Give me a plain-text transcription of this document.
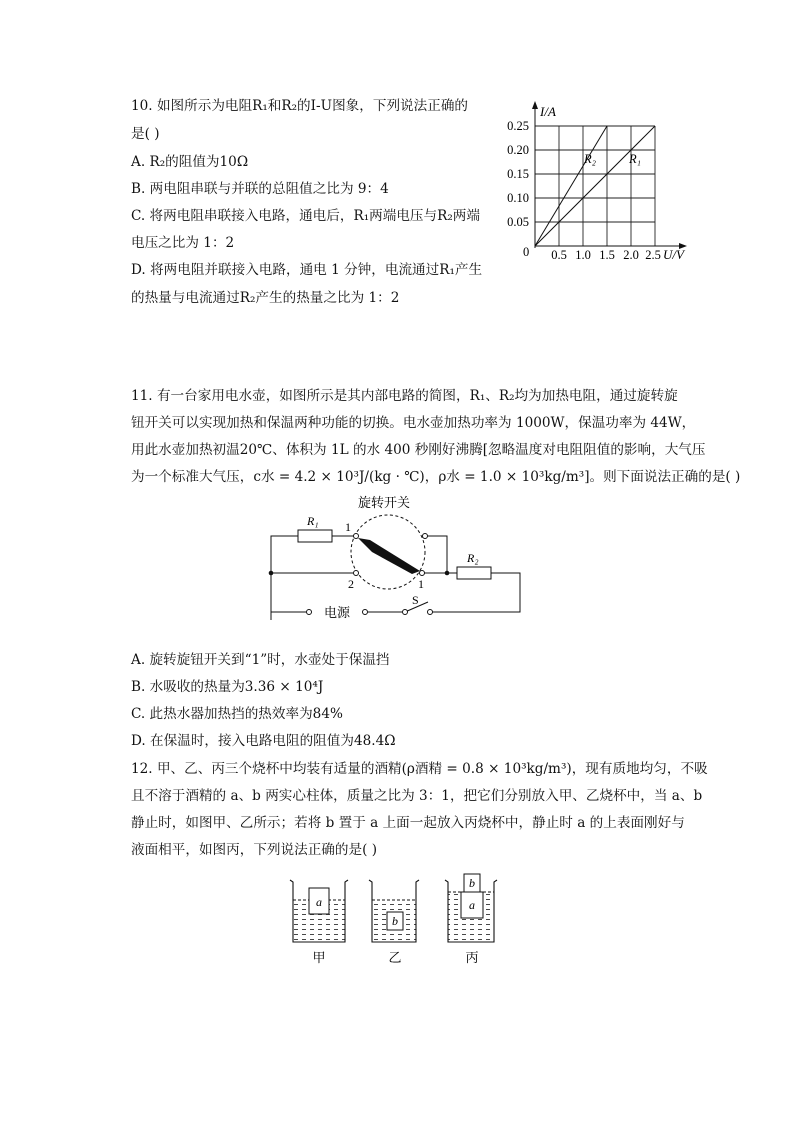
10. 如图所示为电阻R₁和R₂的I-U图象，下列说法正确的
是( )
A. R₂的阻值为10Ω
B. 两电阻串联与并联的总阻值之比为 9：4
C. 将两电阻串联接入电路，通电后，R₁两端电压与R₂两端
电压之比为 1：2
D. 将两电阻并联接入电路，通电 1 分钟，电流通过R₁产生
的热量与电流通过R₂产生的热量之比为 1：2
I/A
U/V
0
0.25
0.20
0.15
0.10
0.05
0.5 1.0 1.5 2.0 2.5
R₂	R₁
11. 有一台家用电水壶，如图所示是其内部电路的简图，R₁、R₂均为加热电阻，通过旋转旋
钮开关可以实现加热和保温两种功能的切换。电水壶加热功率为 1000W，保温功率为 44W，
用此水壶加热初温20℃、体积为 1L 的水 400 秒刚好沸腾[忽略温度对电阻阻值的影响，大气压
为一个标准大气压，c水 = 4.2 × 10³J/(kg · ℃)，ρ水 = 1.0 × 10³kg/m³]。则下面说法正确的是( )
旋转开关
R₁
R₂
1
2	1
电源
S
A. 旋转旋钮开关到“1”时，水壶处于保温挡
B. 水吸收的热量为3.36 × 10⁴J
C. 此热水器加热挡的热效率为84%
D. 在保温时，接入电路电阻的阻值为48.4Ω
12. 甲、乙、丙三个烧杯中均装有适量的酒精(ρ酒精 = 0.8 × 10³kg/m³)，现有质地均匀，不吸
且不溶于酒精的 a、b 两实心柱体，质量之比为 3：1，把它们分别放入甲、乙烧杯中，当 a、b
静止时，如图甲、乙所示；若将 b 置于 a 上面一起放入丙烧杯中，静止时 a 的上表面刚好与
液面相平，如图丙，下列说法正确的是( )
a
甲
b
乙
a
b
丙
